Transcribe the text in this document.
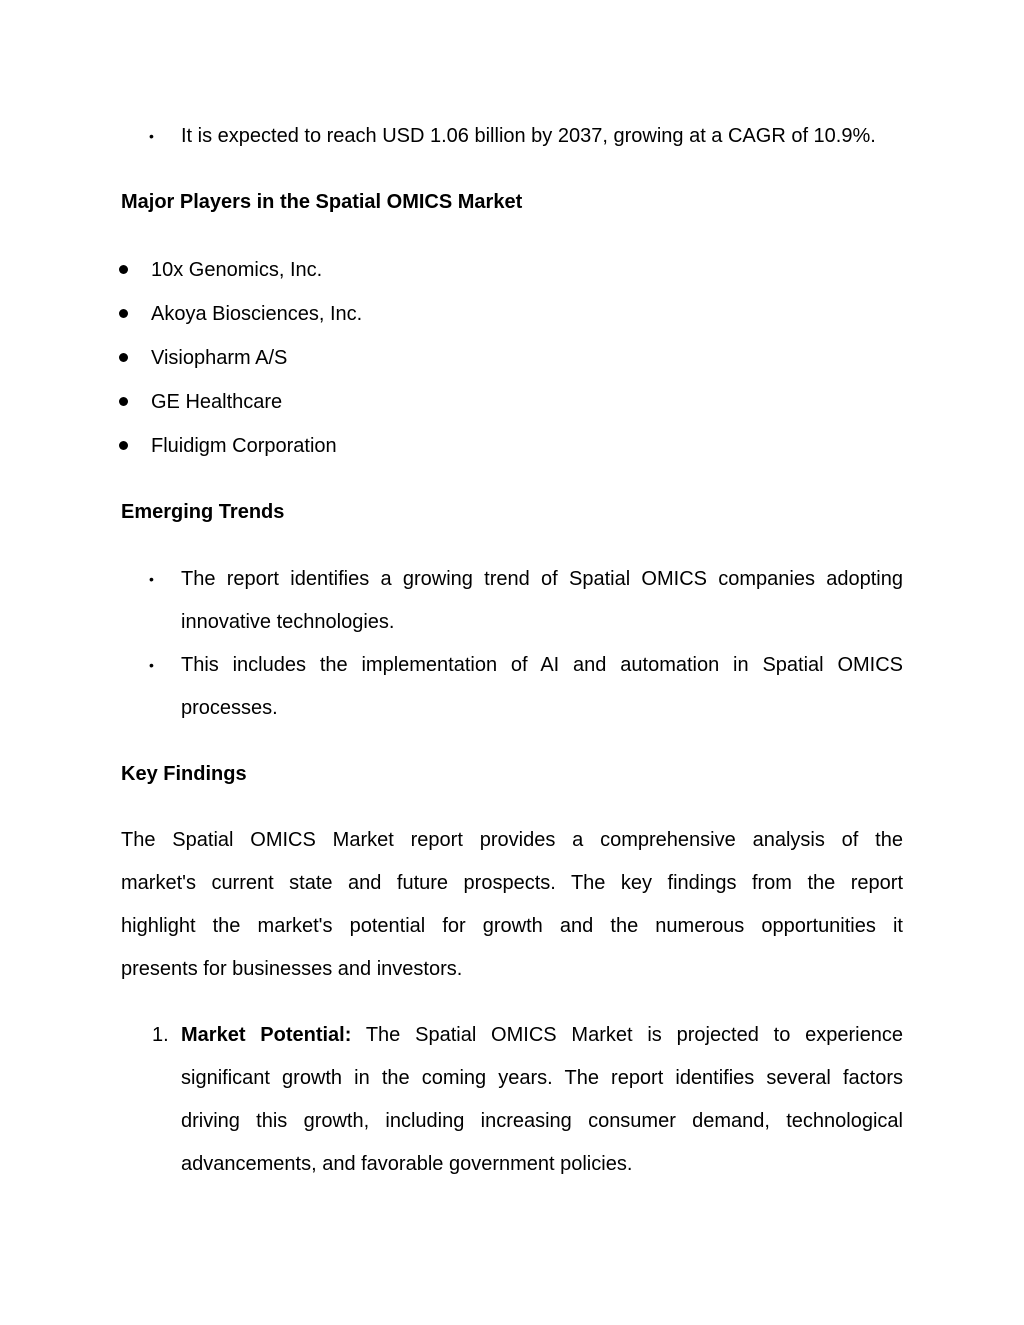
• It is expected to reach USD 1.06 billion by 2037, growing at a CAGR of 10.9%.
Major Players in the Spatial OMICS Market
10x Genomics, Inc.
Akoya Biosciences, Inc.
Visiopharm A/S
GE Healthcare
Fluidigm Corporation
Emerging Trends
• The report identifies a growing trend of Spatial OMICS companies adopting
innovative technologies.
• This includes the implementation of AI and automation in Spatial OMICS
processes.
Key Findings
The Spatial OMICS Market report provides a comprehensive analysis of the
market's current state and future prospects. The key findings from the report
highlight the market's potential for growth and the numerous opportunities it
presents for businesses and investors.
1. Market Potential: The Spatial OMICS Market is projected to experience
significant growth in the coming years. The report identifies several factors
driving this growth, including increasing consumer demand, technological
advancements, and favorable government policies.
